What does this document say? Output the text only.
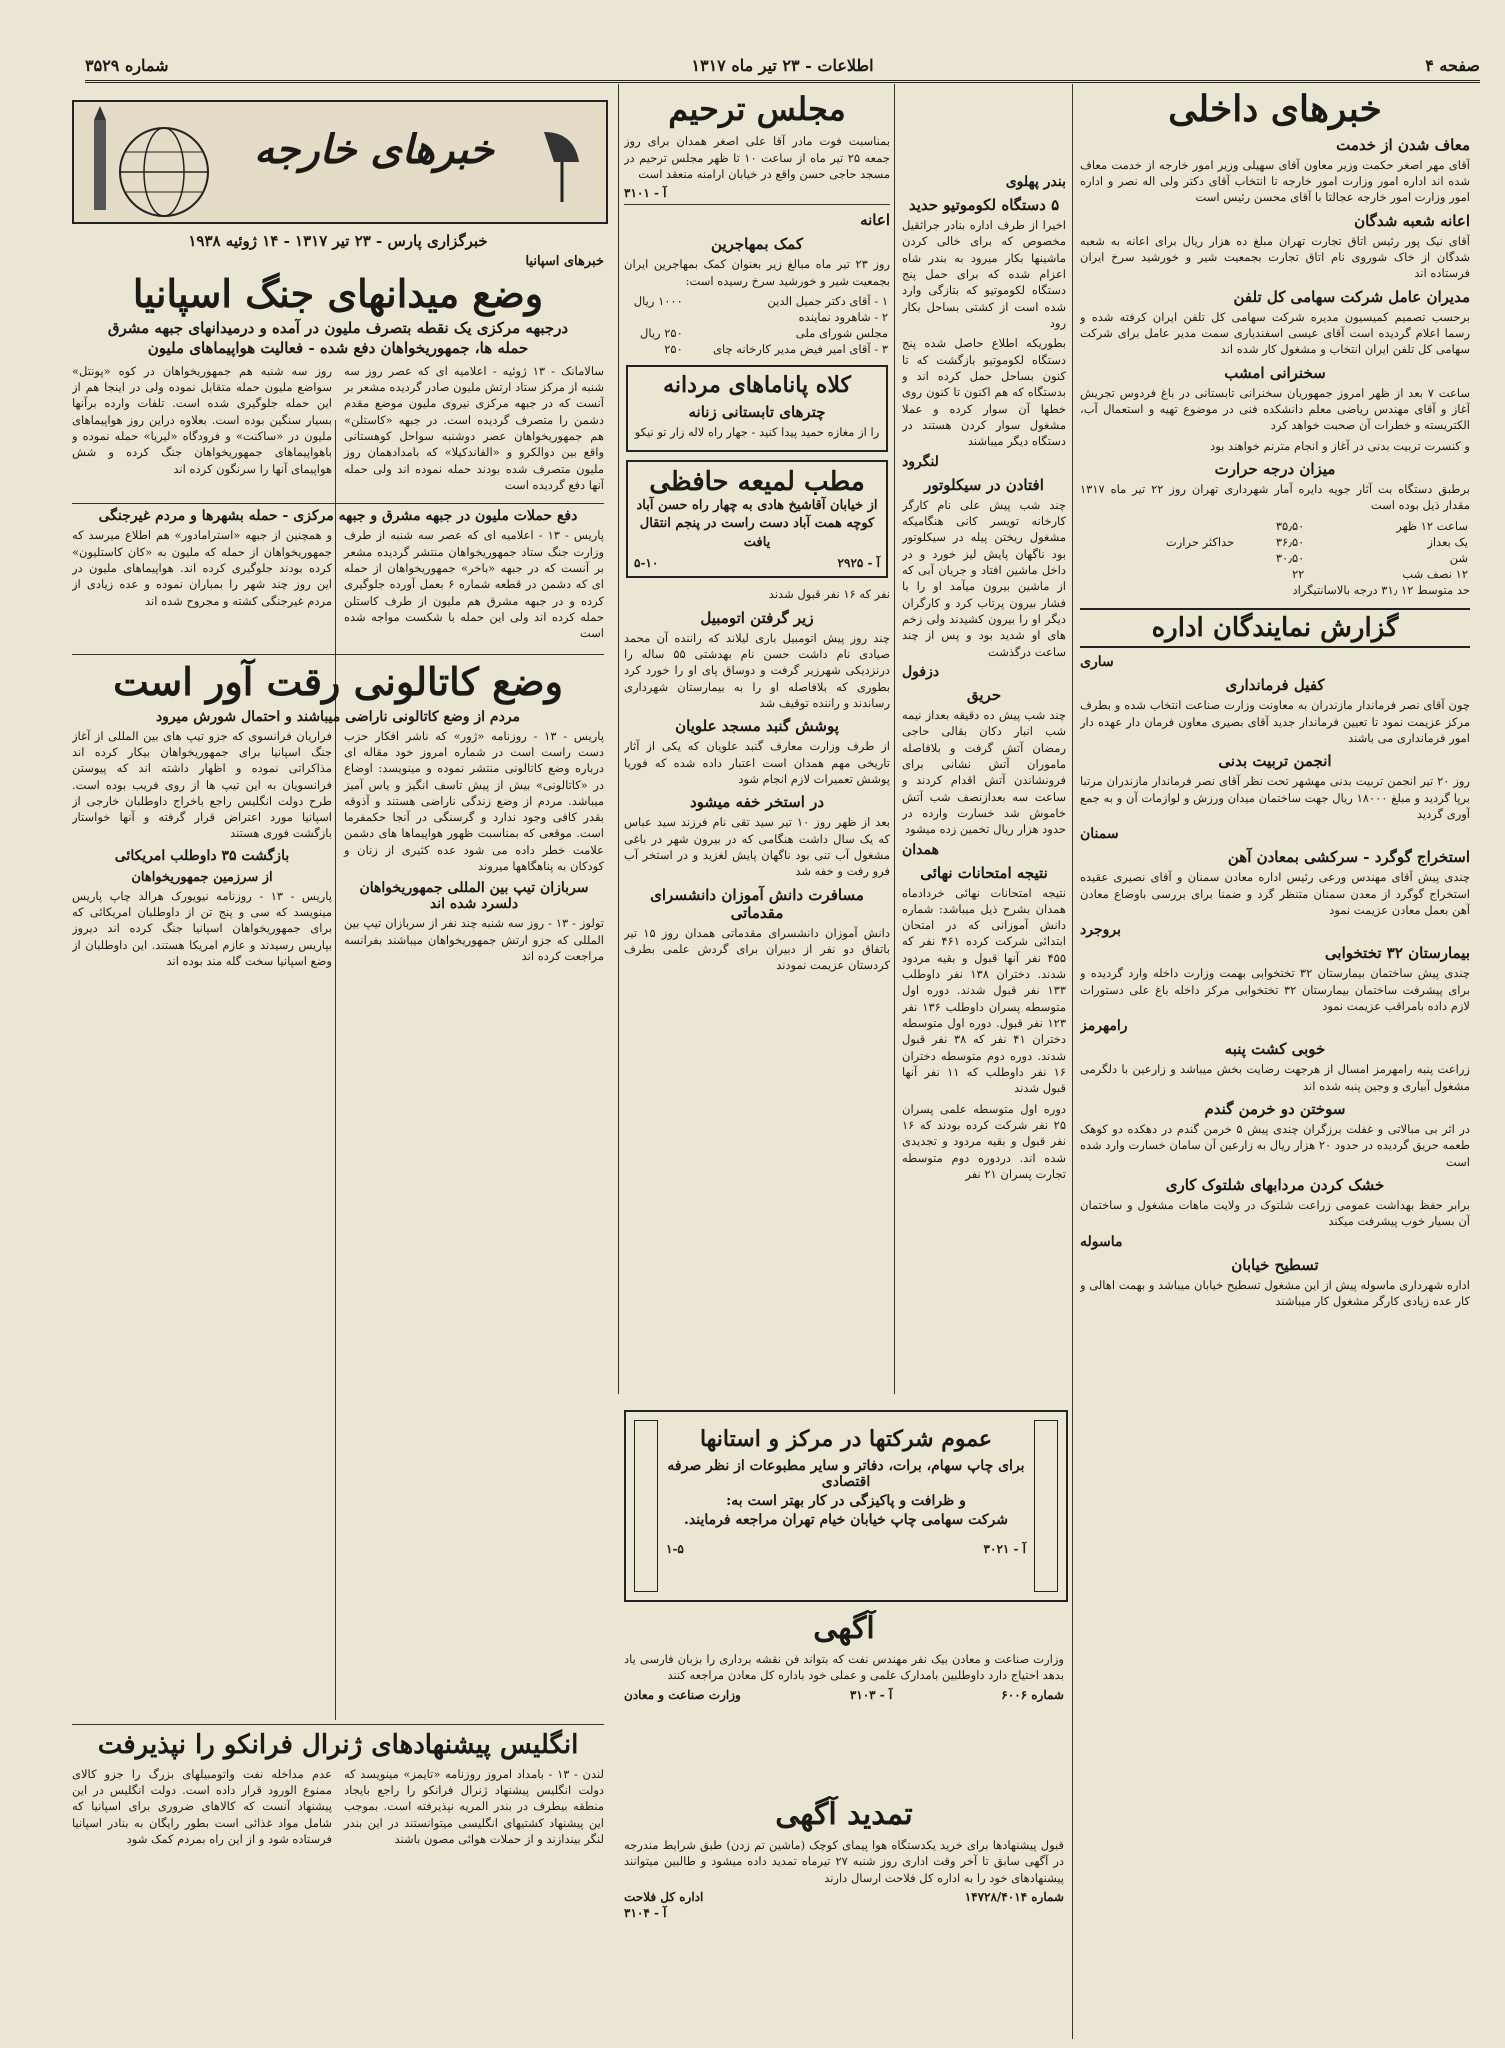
صفحه ۴
اطلاعات - ۲۳ تیر ماه ۱۳۱۷
شماره ۳۵۲۹
خبرهای داخلی
معاف شدن از خدمت

آقای مهر اصغر حکمت وزیر معاون آقای سهیلی وزیر امور خارجه از خدمت معاف شده اند اداره امور وزارت امور خارجه تا انتخاب آقای دکتر ولی اله نصر و اداره امور وزارت امور خارجه عجالتا با آقای محسن رئیس است

اعانه شعبه شدگان

آقای نیک پور رئیس اتاق تجارت تهران مبلغ ده هزار ریال برای اعانه به شعبه شدگان از خاک شوروی نام اتاق تجارت بجمعیت شیر و خورشید سرخ ایران فرستاده اند

مدیران عامل شرکت سهامی کل تلفن

برحسب تصمیم کمیسیون مدیره شرکت سهامی کل تلفن ایران کرفته شده و رسما اعلام گردیده است آقای عیسی اسفندیاری سمت مدیر عامل برای شرکت سهامی کل تلفن ایران انتخاب و مشغول کار شده اند

سخنرانی امشب

ساعت ۷ بعد از ظهر امروز جمهوریان سخنرانی تابستانی در باغ فردوس تجریش آغاز و آقای مهندس ریاضی معلم دانشکده فنی در موضوع تهیه و استعمال آب، الکتریسته و خطرات آن صحبت خواهد کرد

و کنسرت تربیت بدنی در آغاز و انجام مترنم خواهند بود

میزان درجه حرارت

برطبق دستگاه بت آثار جویه دایره آمار شهرداری تهران روز ۲۲ تیر ماه ۱۳۱۷ مقدار ذیل بوده است

ساعت ۱۲ ظهر	۳۵٫۵۰	
یک بعداز	۳۶٫۵۰	حداکثر حرارت
شن	۳۰٫۵۰	
۱۲ نصف شب	۲۲	

حد متوسط ۱۲ ۳۱٫ درجه بالاسانتیگراد

گزارش نمایندگان اداره
ساری
کفیل فرمانداری

چون آقای نصر فرماندار مازندران به معاونت وزارت صناعت انتخاب شده و بطرف مرکز عزیمت نمود تا تعیین فرماندار جدید آقای بصیری معاون فرمان دار عهده دار امور فرمانداری می باشند

انجمن تربیت بدنی

روز ۲۰ تیر انجمن تربیت بدنی مهشهر تحت نظر آقای نصر فرماندار مازندران مرتبا برپا گردید و مبلغ ۱۸۰۰۰ ریال جهت ساختمان میدان ورزش و لوازمات آن و به جمع آوری گردید

سمنان
استخراج گوگرد - سرکشی بمعادن آهن

چندی پیش آقای مهندس ورعی رئیس اداره معادن سمنان و آقای نصیری عقیده استخراج گوگرد از معدن سمنان متنظر گرد و ضمنا برای بررسی باوضاع معادن آهن بعمل معادن عزیمت نمود

بروجرد
بیمارستان ۳۲ تختخوابی

چندی پیش ساختمان بیمارستان ۳۲ تختخوابی بهمت وزارت داخله وارد گردیده و برای پیشرفت ساختمان بیمارستان ۳۲ تختخوابی مرکز داخله باغ علی دستورات لازم داده بامراقب عزیمت نمود

رامهرمز
خوبی کشت پنبه

زراعت پنبه رامهرمز امسال از هرجهت رضایت بخش میباشد و زارعین با دلگرمی مشغول آبیاری و وجین پنبه شده اند

سوختن دو خرمن گندم

در اثر بی مبالاتی و غفلت برزگران چندی پیش ۵ خرمن گندم در دهکده دو کوهک طعمه حریق گردیده در حدود ۲۰ هزار ریال به زارعین آن سامان خسارت وارد شده است

خشک کردن مردابهای شلتوک کاری

برابر حفظ بهداشت عمومی زراعت شلتوک در ولایت ماهات مشغول و ساختمان آن بسیار خوب پیشرفت میکند

ماسوله
تسطیح خیابان

اداره شهرداری ماسوله پیش از این مشغول تسطیح خیابان میباشد و بهمت اهالی و کار عده زیادی کارگر مشغول کار میباشند

بندر پهلوی
۵ دستگاه لکوموتیو حدید

اخیرا از طرف اداره بنادر جراثقیل مخصوص که برای خالی کردن ماشینها بکار میرود به بندر شاه اعزام شده که برای حمل پنج دستگاه لکوموتیو که بتازگی وارد شده است از کشتی بساحل بکار رود

بطوریکه اطلاع حاصل شده پنج دستگاه لکوموتیو بازگشت که تا کنون بساحل حمل کرده اند و بدستگاه که هم اکنون تا کنون روی خطها آن سوار کرده و عملا مشغول سوار کردن هستند در دستگاه دیگر میباشند

لنگرود
افتادن در سیکلوتور

چند شب پیش علی نام کارگر کارخانه تویسر کانی هنگامیکه مشغول ریختن پیله در سیکلوتور بود ناگهان پایش لیز خورد و در داخل ماشین افتاد و جریان آبی که از ماشین بیرون میآمد او را با فشار بیرون پرتاب کرد و کارگران دیگر او را بیرون کشیدند ولی زخم های او شدید بود و پس از چند ساعت درگذشت

دزفول
حریق

چند شب پیش ده دقیقه بعداز نیمه شب انبار دکان بقالی حاجی رمضان آتش گرفت و بلافاصله ماموران آتش نشانی برای فرونشاندن آتش اقدام کردند و ساعت سه بعدازنصف شب آتش خاموش شد خسارت وارده در حدود هزار ریال تخمین زده میشود

همدان
نتیجه امتحانات نهائی

نتیجه امتحانات نهائی خردادماه همدان بشرح ذیل میباشد: شماره دانش آموزانی که در امتحان ابتدائی شرکت کرده ۴۶۱ نفر که ۴۵۵ نفر آنها قبول و بقیه مردود شدند. دختران ۱۳۸ نفر داوطلب ۱۳۳ نفر قبول شدند. دوره اول متوسطه پسران داوطلب ۱۳۶ نفر ۱۲۳ نفر قبول. دوره اول متوسطه دختران ۴۱ نفر که ۳۸ نفر قبول شدند. دوره دوم متوسطه دختران ۱۶ نفر داوطلب که ۱۱ نفر آنها قبول شدند

دوره اول متوسطه علمی پسران ۲۵ نفر شرکت کرده بودند که ۱۶ نفر قبول و بقیه مردود و تجدیدی شده اند. دردوره دوم متوسطه تجارت پسران ۲۱ نفر

مجلس ترحیم

بمناسبت فوت مادر آقا علی اصغر همدان برای روز جمعه ۲۵ تیر ماه از ساعت ۱۰ تا ظهر مجلس ترحیم در مسجد حاجی حسن واقع در خیابان ارامنه منعقد است

آ - ۳۱۰۱
اعانه
کمک بمهاجرین

روز ۲۳ تیر ماه مبالغ زیر بعنوان کمک بمهاجرین ایران بجمعیت شیر و خورشید سرخ رسیده است:

۱ - آقای دکتر جمیل الدین	۱۰۰۰ ریال
۲ - شاهرود نماینده	
مجلس شورای ملی	۲۵۰ ریال
۳ - آقای امیر فیض مدیر کارخانه چای	۲۵۰
کلاه پاناماهای مردانه
چترهای تابستانی زنانه

را از مغازه حمید پیدا کنید - جهار راه لاله زار تو نیکو

مطب لمیعه حافظی

از خیابان آقاشیخ هادی به چهار راه حسن آباد کوچه همت آباد دست راست در پنجم انتقال یافت

آ - ۲۹۲۵
۵-۱۰

نفر که ۱۶ نفر قبول شدند

زیر گرفتن اتومبیل

چند روز پیش اتومبیل باری لیلاند که راننده آن محمد صیادی نام داشت حسن نام بهدشتی ۵۵ ساله را درنزدیکی شهرزیر گرفت و دوساق پای او را خورد کرد بطوری که بلافاصله او را به بیمارستان شهرداری رساندند و راننده توقیف شد

پوشش گنبد مسجد علویان

از طرف وزارت معارف گنبد علویان که یکی از آثار تاریخی مهم همدان است اعتبار داده شده که فوریا پوشش تعمیرات لازم انجام شود

در استخر خفه میشود

بعد از ظهر روز ۱۰ تیر سید تقی نام فرزند سید عباس که یک سال داشت هنگامی که در بیرون شهر در باغی مشغول آب تنی بود ناگهان پایش لغزید و در استخر آب فرو رفت و خفه شد

مسافرت دانش آموزان دانشسرای مقدماتی

دانش آموزان دانشسرای مقدماتی همدان روز ۱۵ تیر باتفاق دو نفر از دبیران برای گردش علمی بطرف کردستان عزیمت نمودند

خبرهای خارجه
خبرگزاری پارس - ۲۳ تیر ۱۳۱۷ - ۱۴ ژوئیه ۱۹۳۸
خبرهای اسپانیا
وضع میدانهای جنگ اسپانیا
درجبهه مرکزی یک نقطه بتصرف ملیون در آمده و درمیدانهای جبهه مشرق
حمله ها، جمهوریخواهان دفع شده - فعالیت هواپیماهای ملیون

سالامانک - ۱۳ ژوئیه - اعلامیه ای که عصر روز سه شنبه از مرکز ستاد ارتش ملیون صادر گردیده مشعر بر آنست که در جبهه مرکزی نیروی ملیون موضع مقدم دشمن را متصرف گردیده است. در جبهه «کاستلن» هم جمهوریخواهان عصر دوشنبه سواحل کوهستانی واقع بین دوالکرو و «الفاندکیلا» که بامدادهمان روز ملیون متصرف شده بودند حمله نموده اند ولی حمله آنها دفع گردیده است

روز سه شنبه هم جمهوریخواهان در کوه «پونتل» سواضع ملیون حمله متقابل نموده ولی در اینجا هم از این حمله جلوگیری شده است. تلفات وارده برآنها بسیار سنگین بوده است. بعلاوه دراین روز هواپیماهای ملیون در «ساکنت» و فرودگاه «لیریا» حمله نموده و باهواپیماهای جمهوریخواهان جنگ کرده و شش هواپیمای آنها را سرنگون کرده اند

دفع حملات ملیون در جبهه مشرق و جبهه مرکزی - حمله بشهرها و مردم غیرجنگی

پاریس - ۱۳ - اعلامیه ای که عصر سه شنبه از طرف وزارت جنگ ستاد جمهوریخواهان منتشر گردیده مشعر بر آنست که در جبهه «باخر» جمهوریخواهان از حمله ای که دشمن در قطعه شماره ۶ بعمل آورده جلوگیری کرده و در جبهه مشرق هم ملیون از طرف کاستلن حمله کرده اند ولی این حمله با شکست مواجه شده است

و همچنین از جبهه «استرامادور» هم اطلاع میرسد که جمهوریخواهان از حمله که ملیون به «کان کاستلیون» کرده بودند جلوگیری کرده اند. هواپیماهای ملیون در این روز چند شهر را بمباران نموده و عده زیادی از مردم غیرجنگی کشته و مجروح شده اند

وضع کاتالونی رقت آور است
مردم از وضع کاتالونی ناراضی میباشند و احتمال شورش میرود

پاریس - ۱۳ - روزنامه «ژور» که ناشر افکار حزب دست راست است در شماره امروز خود مقاله ای درباره وضع کاتالونی منتشر نموده و مینویسد: اوضاع در «کاتالونی» بیش از پیش تاسف انگیز و یاس آمیز میباشد. مردم از وضع زندگی ناراضی هستند و آذوقه بقدر کافی وجود ندارد و گرسنگی در آنجا حکمفرما است. موقعی که بمناسبت ظهور هواپیماها های دشمن علامت خطر داده می شود عده کثیری از زنان و کودکان به پناهگاهها میروند

سربازان تیپ بین المللی جمهوریخواهان دلسرد شده اند

تولوز - ۱۳ - روز سه شنبه چند نفر از سربازان تیپ بین المللی که جزو ارتش جمهوریخواهان میباشند بفرانسه مراجعت کرده اند

فراریان فرانسوی که جزو تیپ های بین المللی از آغاز جنگ اسپانیا برای جمهوریخواهان بیکار کرده اند مذاکراتی نموده و اظهار داشته اند که پیوستن فرانسویان به این تیپ ها از روی فریب بوده است. طرح دولت انگلیس راجع باخراج داوطلبان خارجی از اسپانیا مورد اعتراض قرار گرفته و آنها خواستار بازگشت فوری هستند

بازگشت ۳۵ داوطلب امریکائی
از سرزمین جمهوریخواهان

پاریس - ۱۳ - روزنامه نیویورک هرالد چاپ پاریس مینویسد که سی و پنج تن از داوطلبان امریکائی که برای جمهوریخواهان اسپانیا جنگ کرده اند دیروز بپاریس رسیدند و عازم امریکا هستند. این داوطلبان از وضع اسپانیا سخت گله مند بوده اند

انگلیس پیشنهادهای ژنرال فرانکو را نپذیرفت

لندن - ۱۳ - بامداد امروز روزنامه «تایمز» مینویسد که دولت انگلیس پیشنهاد ژنرال فرانکو را راجع بایجاد منطقه بیطرف در بندر المریه نپذیرفته است. بموجب این پیشنهاد کشتیهای انگلیسی میتوانستند در این بندر لنگر بیندازند و از حملات هوائی مصون باشند

عدم مداخله نفت واتومبیلهای بزرگ را جزو کالای ممنوع الورود قرار داده است. دولت انگلیس در این پیشنهاد آنست که کالاهای ضروری برای اسپانیا که شامل مواد غذائی است بطور رایگان به بنادر اسپانیا فرستاده شود و از این راه بمردم کمک شود

عموم شرکتها در مرکز و استانها
برای چاپ سهام، برات، دفاتر و سایر مطبوعات از نظر صرفه اقتصادی
و ظرافت و پاکیزگی در کار بهتر است به:
شرکت سهامی چاپ خیابان خیام تهران مراجعه فرمایند.
آ - ۳۰۲۱
۱-۵
آگهی

وزارت صناعت و معادن بیک نفر مهندس نفت که بتواند فن نقشه برداری را بزبان فارسی یاد بدهد احتیاج دارد داوطلبین بامدارک علمی و عملی خود باداره کل معادن مراجعه کنند

شماره ۶۰۰۶
آ - ۳۱۰۳
وزارت صناعت و معادن
تمدید آگهی

قبول پیشنهادها برای خرید یکدستگاه هوا پیمای کوچک (ماشین تم زدن) طبق شرایط مندرجه در آگهی سابق تا آخر وقت اداری روز شنبه ۲۷ تیرماه تمدید داده میشود و طالبین میتوانند پیشنهادهای خود را به اداره کل فلاحت ارسال دارند

شماره ۱۴۷۲۸/۴۰۱۴
اداره کل فلاحت
آ - ۳۱۰۴
